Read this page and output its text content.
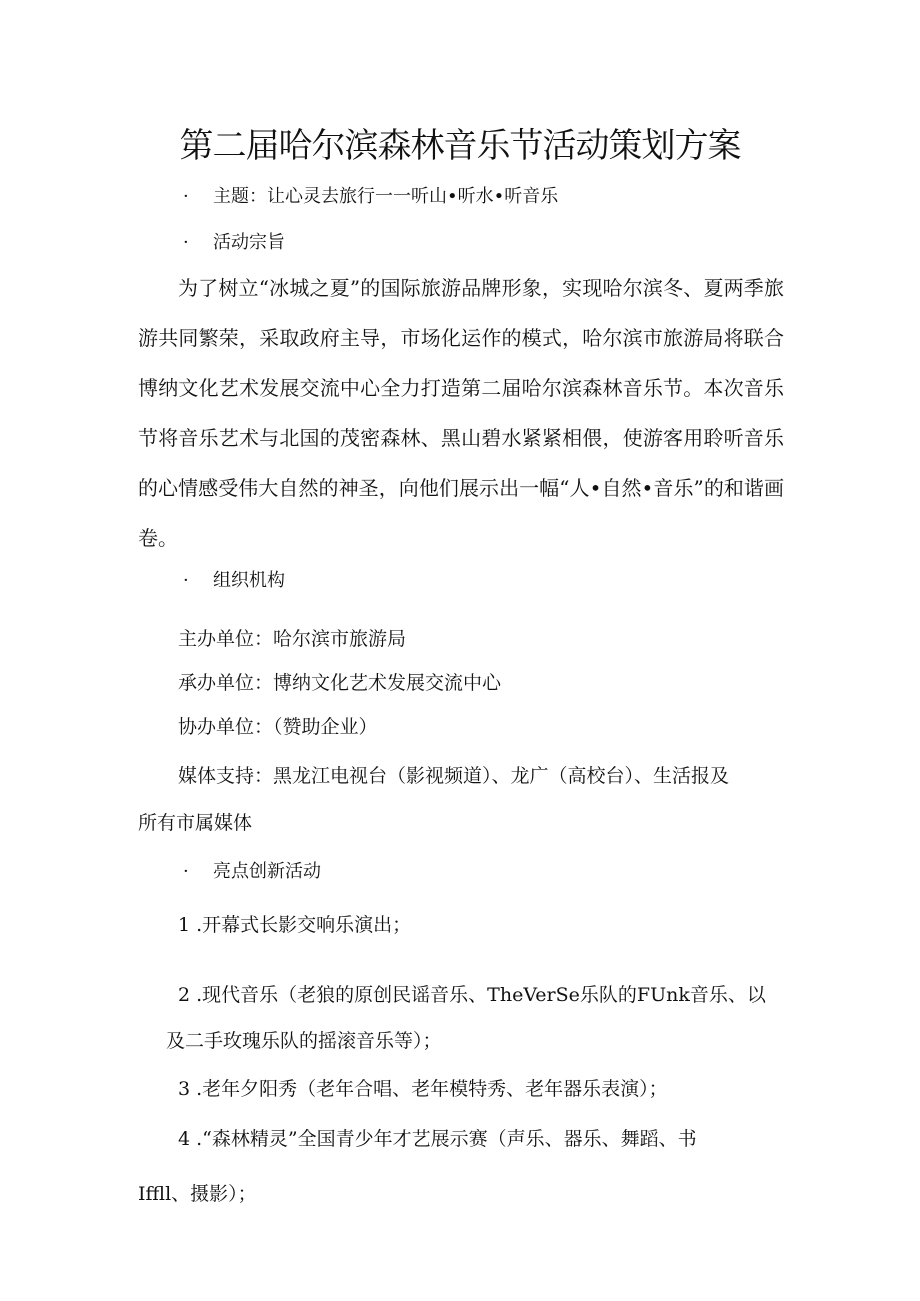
第二届哈尔滨森林音乐节活动策划方案
· 主题：让心灵去旅行一一听山•听水•听音乐
· 活动宗旨

为了树立“冰城之夏”的国际旅游品牌形象，实现哈尔滨冬、夏两季旅游共同繁荣，采取政府主导，市场化运作的模式，哈尔滨市旅游局将联合博纳文化艺术发展交流中心全力打造第二届哈尔滨森林音乐节。本次音乐节将音乐艺术与北国的茂密森林、黑山碧水紧紧相偎，使游客用聆听音乐的心情感受伟大自然的神圣，向他们展示出一幅“人•自然•音乐”的和谐画卷。

· 组织机构
主办单位：哈尔滨市旅游局
承办单位：博纳文化艺术发展交流中心
协办单位：（赞助企业）
媒体支持：黑龙江电视台（影视频道）、龙广（高校台）、生活报及
所有市属媒体
· 亮点创新活动
1 .开幕式长影交响乐演出；
2 .现代音乐（老狼的原创民谣音乐、TheVerSe乐队的FUnk音乐、以
及二手玫瑰乐队的摇滚音乐等）；
3 .老年夕阳秀（老年合唱、老年模特秀、老年器乐表演）；
4 .“森林精灵”全国青少年才艺展示赛（声乐、器乐、舞蹈、书
Iffll、摄影）；
